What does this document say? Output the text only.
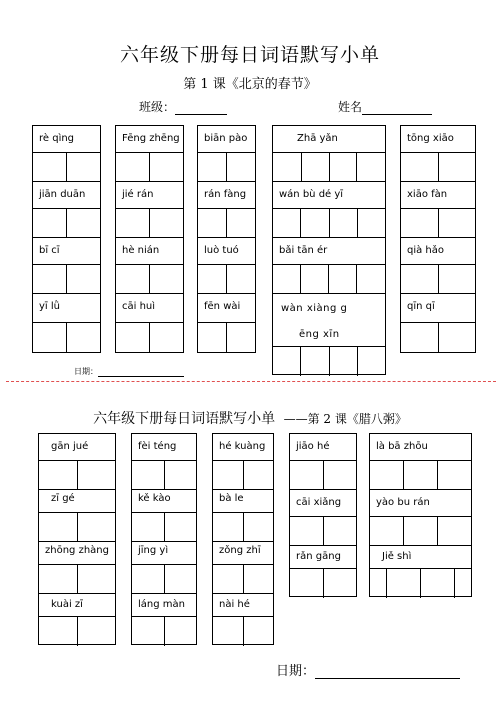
六年级下册每日词语默写小单
第 1 课《北京的春节》
班级：	姓名
rè qìng
jiān duān
bī cī
yī lǜ
Fēng zhēng
jié rán
hè nián
cāi huì
biān pào
rán fàng
luò tuó
fēn wài
Zhā yǎn
wán bù dé yī
bǎi tān ér
wàn xiàng g
ēng xīn
tōng xiāo
xiāo fàn
qià hǎo
qīn qī
日期：
六年级下册每日词语默写小单 ——第 2 课《腊八粥》
gān jué
zī gé
zhōng zhàng
kuài zī
fèi téng
kě kào
jīng yì
láng màn
hé kuàng
bà le
zǒng zhī
nài hé
jiāo hé
cāi xiǎng
rǎn gāng
là bā zhōu
yào bu rán
Jiě shì
日期：
